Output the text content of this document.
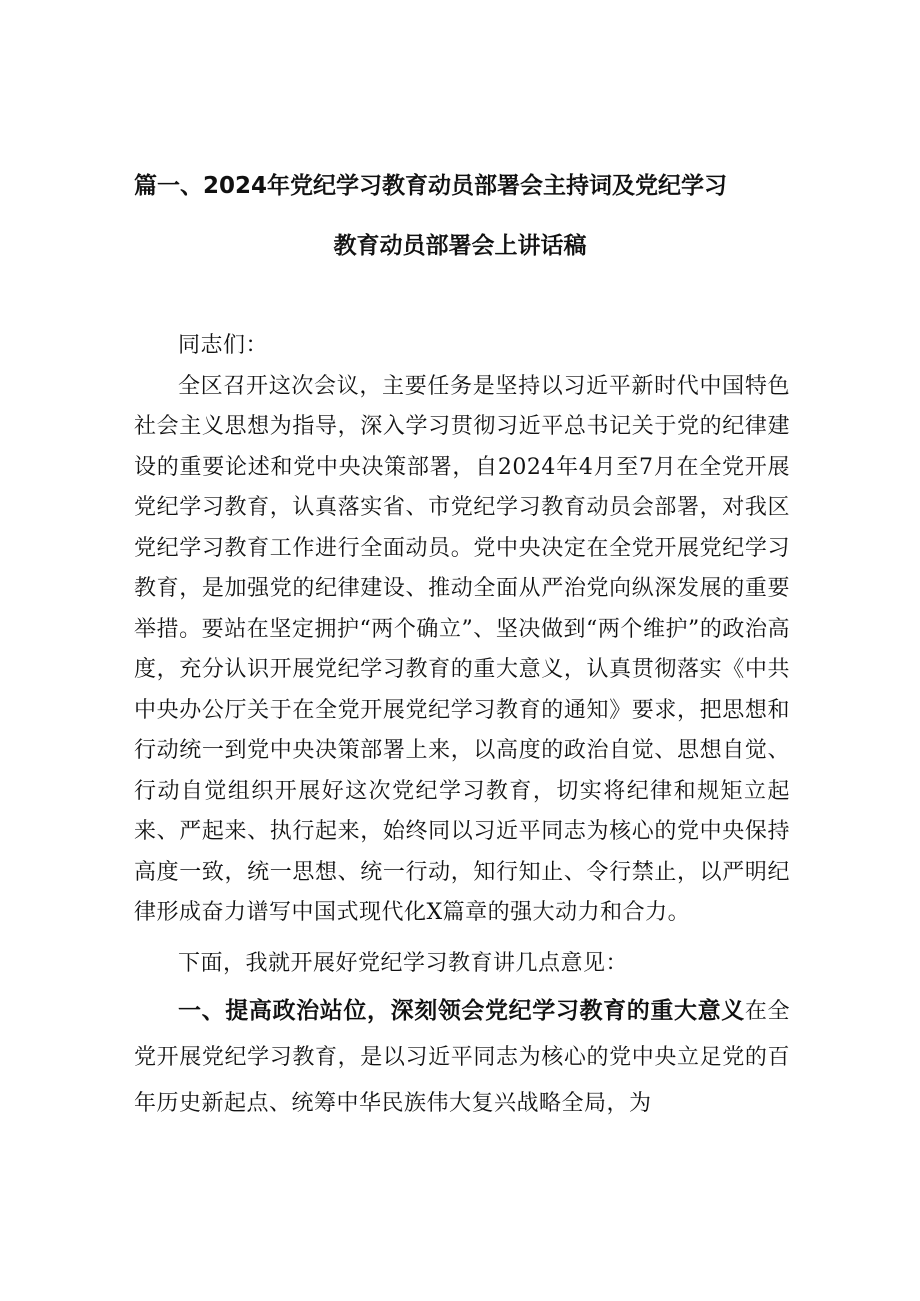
篇一、2024年党纪学习教育动员部署会主持词及党纪学习
教育动员部署会上讲话稿

同志们：

全区召开这次会议，主要任务是坚持以习近平新时代中国特色社会主义思想为指导，深入学习贯彻习近平总书记关于党的纪律建设的重要论述和党中央决策部署，自2024年4月至7月在全党开展党纪学习教育，认真落实省、市党纪学习教育动员会部署，对我区党纪学习教育工作进行全面动员。党中央决定在全党开展党纪学习教育，是加强党的纪律建设、推动全面从严治党向纵深发展的重要举措。要站在坚定拥护“两个确立”、坚决做到“两个维护”的政治高度，充分认识开展党纪学习教育的重大意义，认真贯彻落实《中共中央办公厅关于在全党开展党纪学习教育的通知》要求，把思想和行动统一到党中央决策部署上来，以高度的政治自觉、思想自觉、行动自觉组织开展好这次党纪学习教育，切实将纪律和规矩立起来、严起来、执行起来，始终同以习近平同志为核心的党中央保持高度一致，统一思想、统一行动，知行知止、令行禁止，以严明纪律形成奋力谱写中国式现代化X篇章的强大动力和合力。

下面，我就开展好党纪学习教育讲几点意见：

一、提高政治站位，深刻领会党纪学习教育的重大意义在全党开展党纪学习教育，是以习近平同志为核心的党中央立足党的百年历史新起点、统筹中华民族伟大复兴战略全局，为
